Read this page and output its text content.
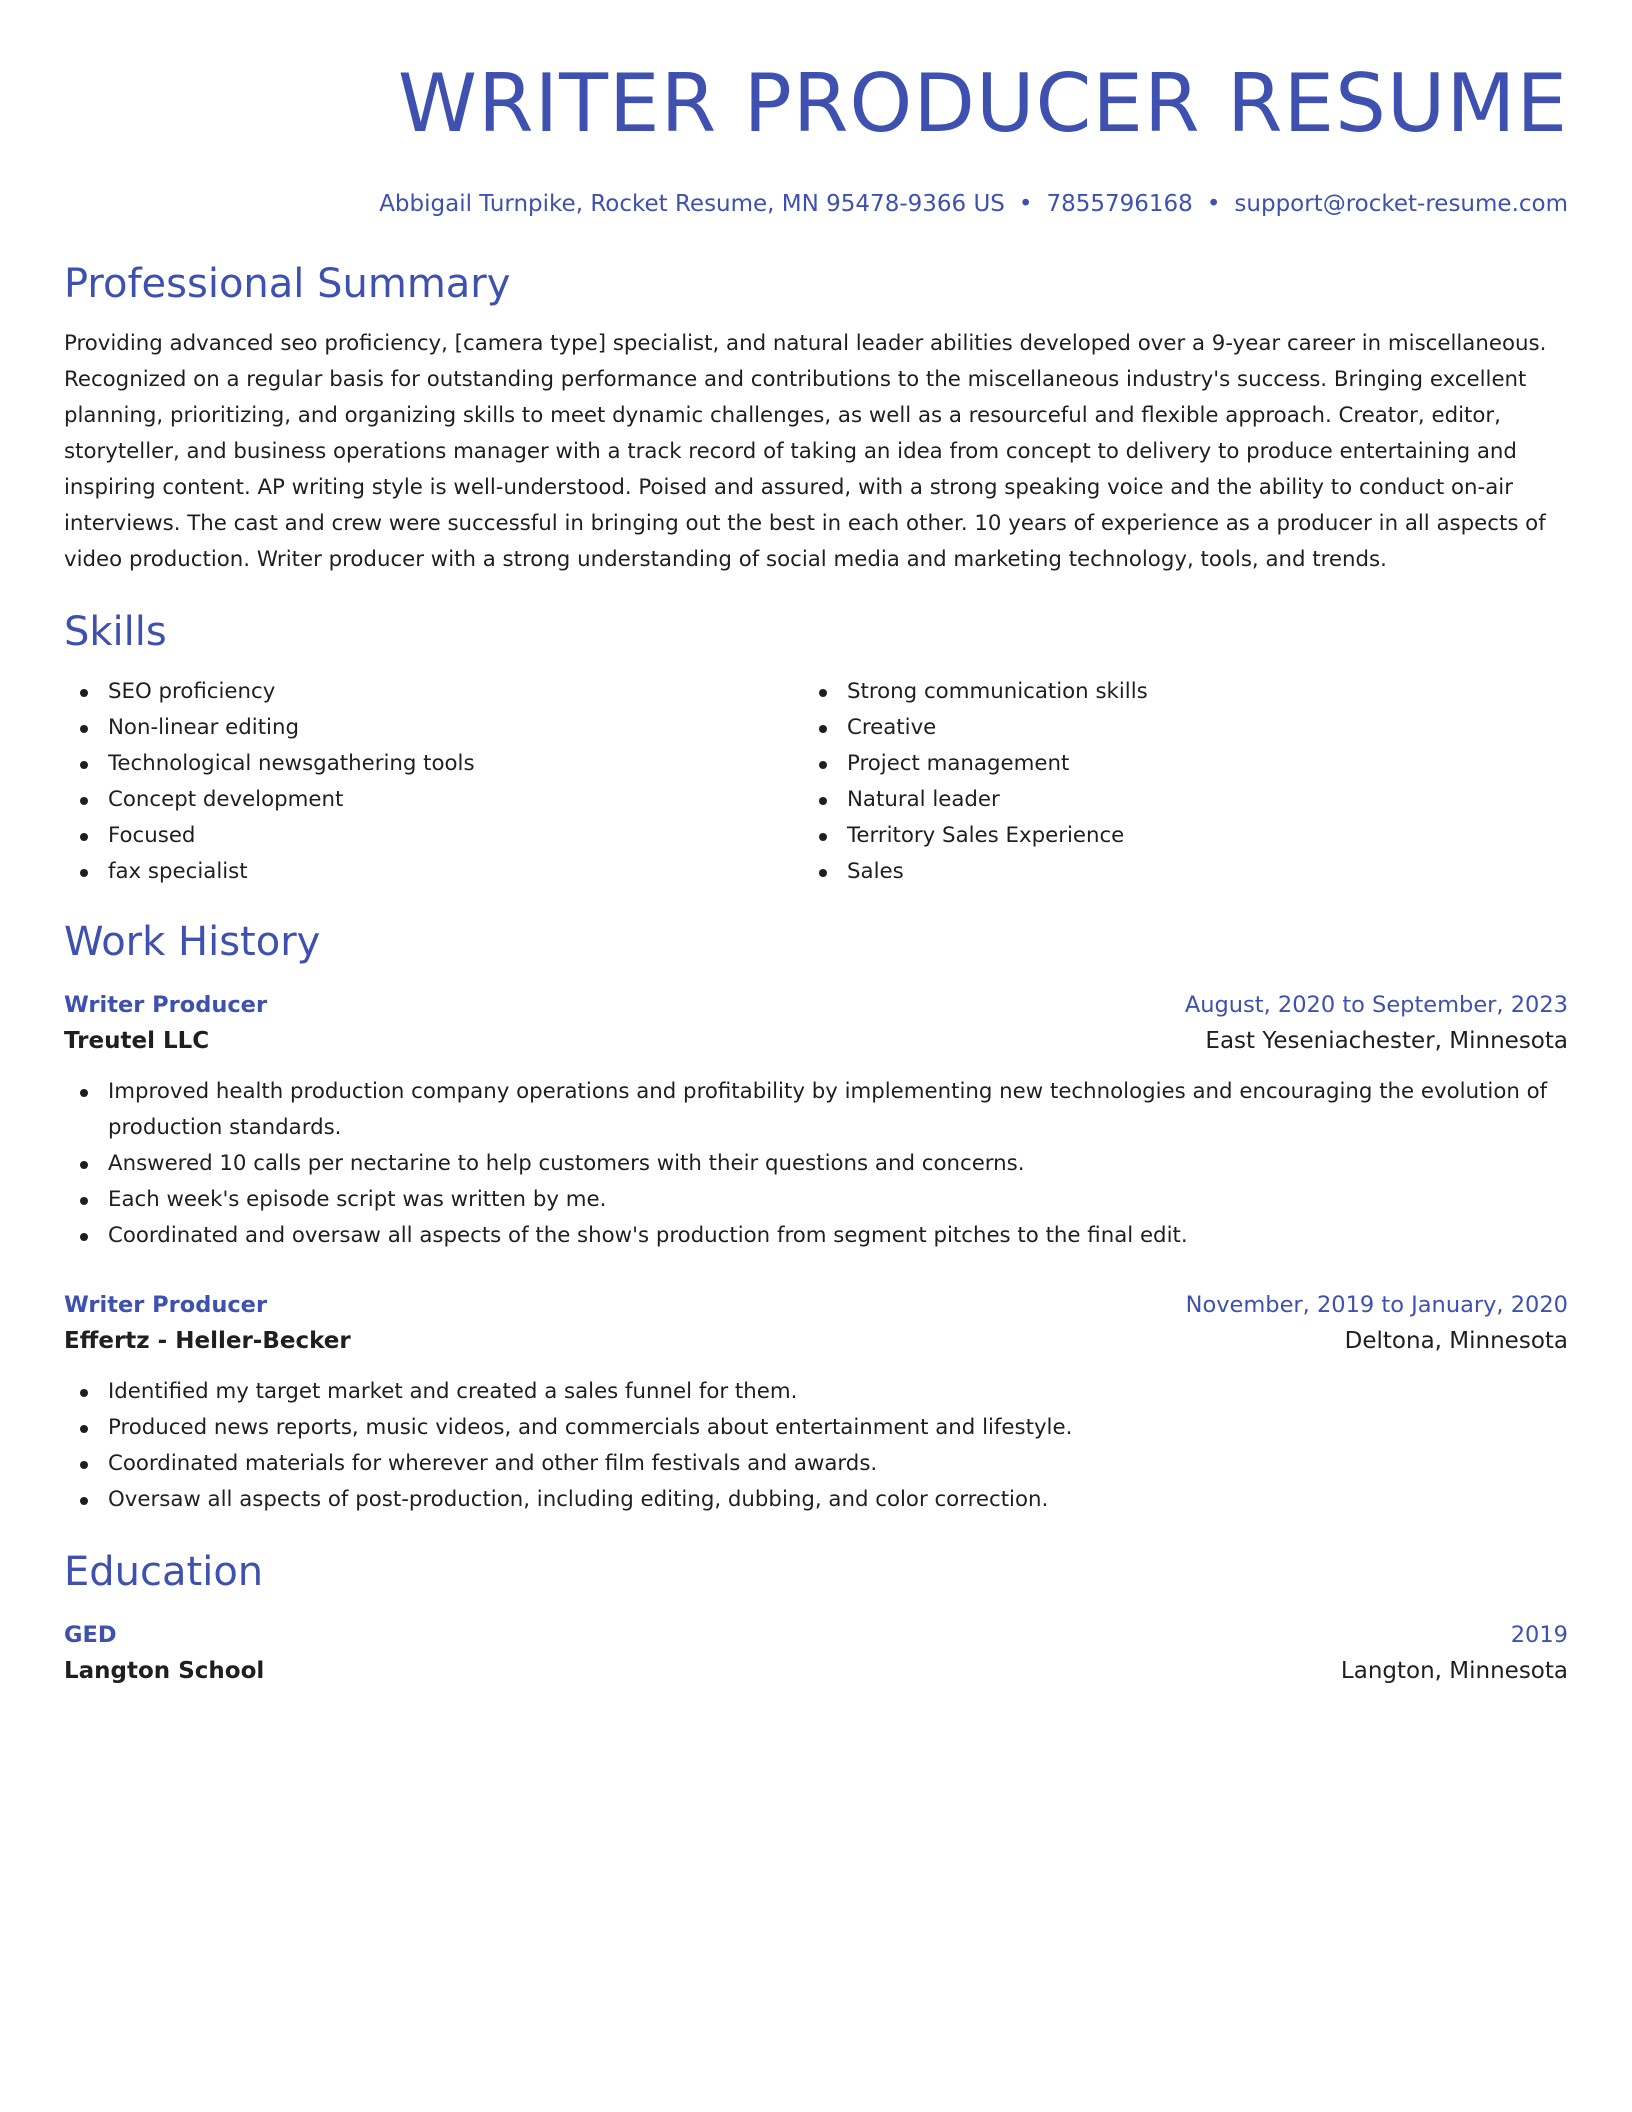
WRITER PRODUCER RESUME
Abbigail Turnpike, Rocket Resume, MN 95478-9366 US • 7855796168 • support@rocket-resume.com
Professional Summary
Providing advanced seo proficiency, [camera type] specialist, and natural leader abilities developed over a 9-year career in miscellaneous. Recognized on a regular basis for outstanding performance and contributions to the miscellaneous industry's success. Bringing excellent planning, prioritizing, and organizing skills to meet dynamic challenges, as well as a resourceful and flexible approach. Creator, editor, storyteller, and business operations manager with a track record of taking an idea from concept to delivery to produce entertaining and inspiring content. AP writing style is well-understood. Poised and assured, with a strong speaking voice and the ability to conduct on-air interviews. The cast and crew were successful in bringing out the best in each other. 10 years of experience as a producer in all aspects of video production. Writer producer with a strong understanding of social media and marketing technology, tools, and trends.
Skills
SEO proficiency
Non-linear editing
Technological newsgathering tools
Concept development
Focused
fax specialist
Strong communication skills
Creative
Project management
Natural leader
Territory Sales Experience
Sales
Work History
Writer Producer	August, 2020 to September, 2023
Treutel LLC	East Yeseniachester, Minnesota
Improved health production company operations and profitability by implementing new technologies and encouraging the evolution of production standards.
Answered 10 calls per nectarine to help customers with their questions and concerns.
Each week's episode script was written by me.
Coordinated and oversaw all aspects of the show's production from segment pitches to the final edit.
Writer Producer	November, 2019 to January, 2020
Effertz - Heller-Becker	Deltona, Minnesota
Identified my target market and created a sales funnel for them.
Produced news reports, music videos, and commercials about entertainment and lifestyle.
Coordinated materials for wherever and other film festivals and awards.
Oversaw all aspects of post-production, including editing, dubbing, and color correction.
Education
GED	2019
Langton School	Langton, Minnesota
